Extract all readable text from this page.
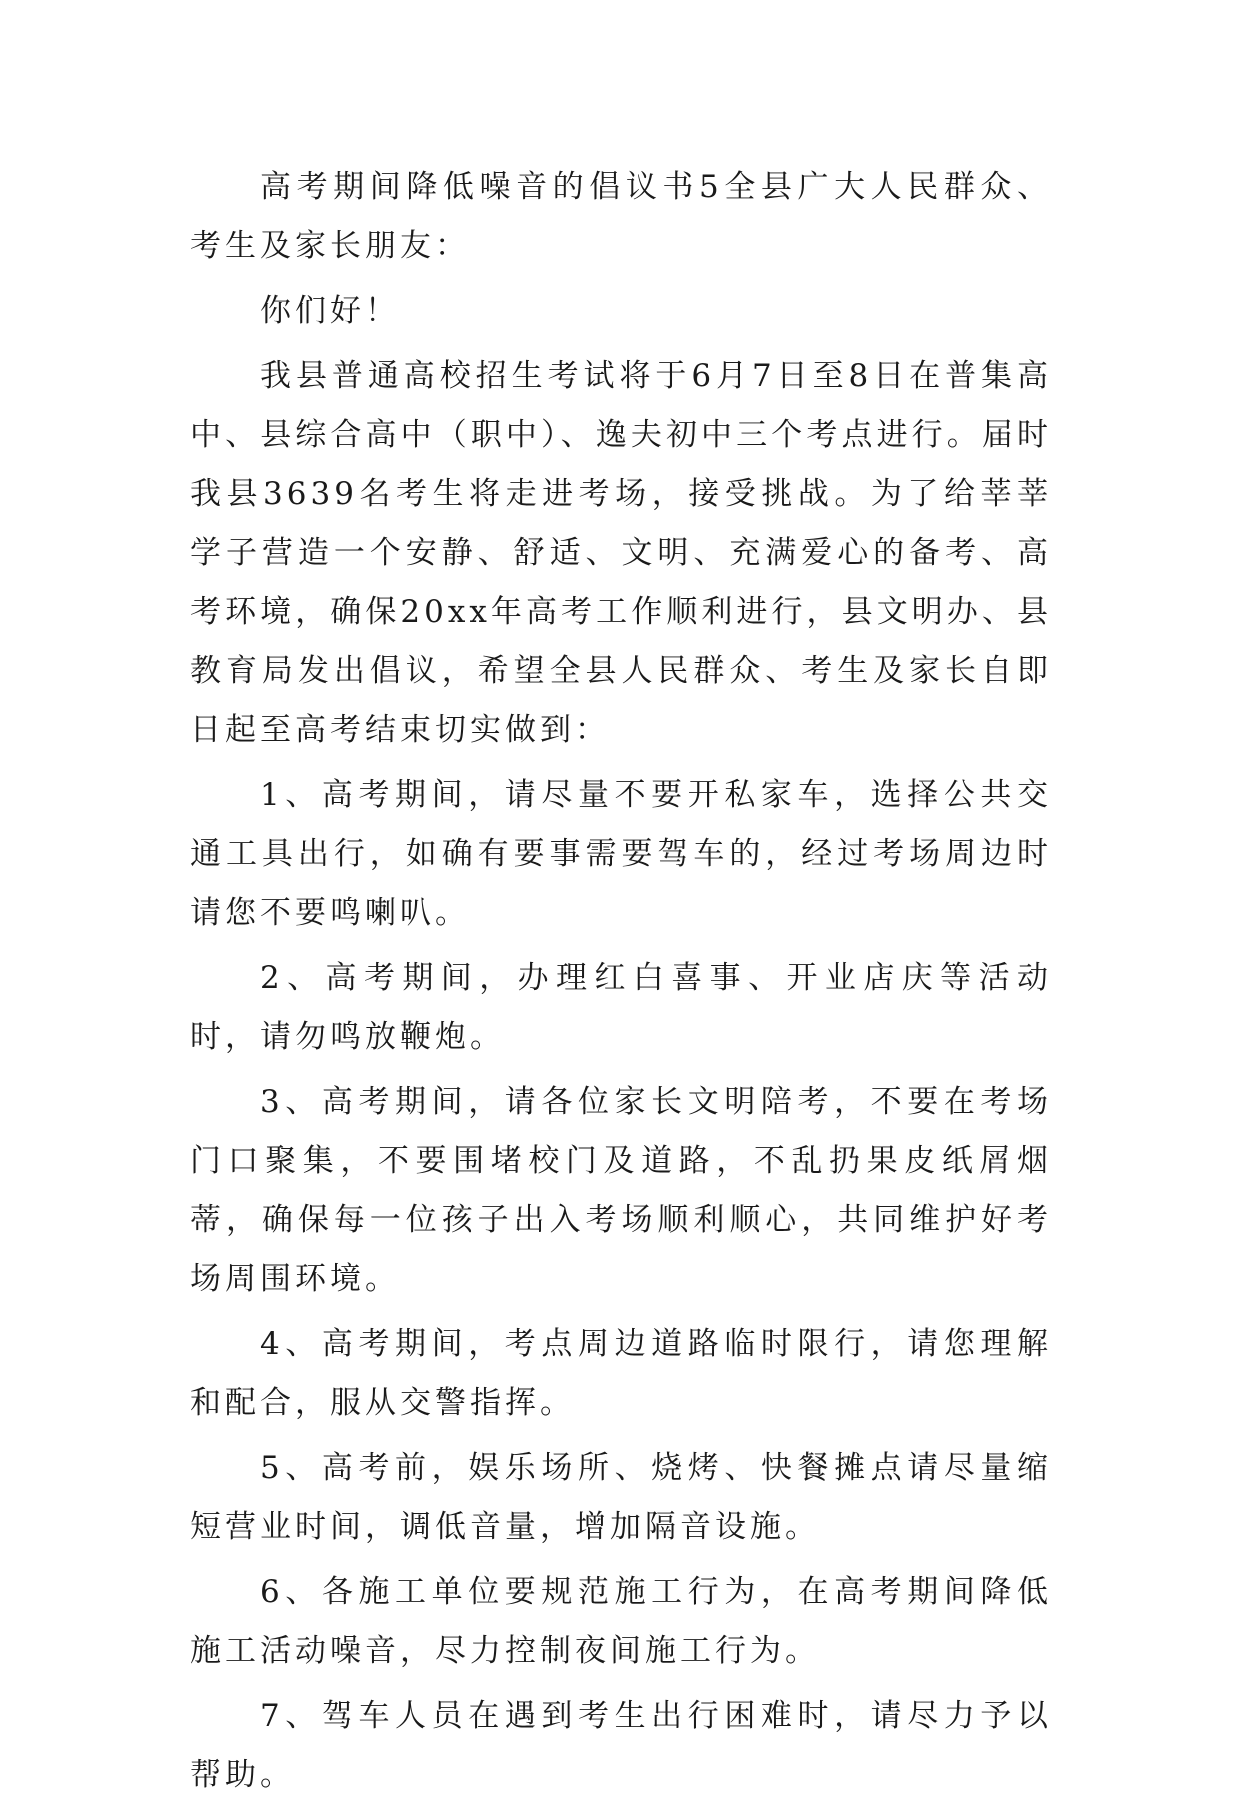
高考期间降低噪音的倡议书5全县广大人民群众、考生及家长朋友：

你们好！

我县普通高校招生考试将于6月7日至8日在普集高中、县综合高中（职中）、逸夫初中三个考点进行。届时我县3639名考生将走进考场，接受挑战。为了给莘莘学子营造一个安静、舒适、文明、充满爱心的备考、高考环境，确保20xx年高考工作顺利进行，县文明办、县教育局发出倡议，希望全县人民群众、考生及家长自即日起至高考结束切实做到：

1、高考期间，请尽量不要开私家车，选择公共交通工具出行，如确有要事需要驾车的，经过考场周边时请您不要鸣喇叭。

2、高考期间，办理红白喜事、开业店庆等活动时，请勿鸣放鞭炮。

3、高考期间，请各位家长文明陪考，不要在考场门口聚集，不要围堵校门及道路，不乱扔果皮纸屑烟蒂，确保每一位孩子出入考场顺利顺心，共同维护好考场周围环境。

4、高考期间，考点周边道路临时限行，请您理解和配合，服从交警指挥。

5、高考前，娱乐场所、烧烤、快餐摊点请尽量缩短营业时间，调低音量，增加隔音设施。

6、各施工单位要规范施工行为，在高考期间降低施工活动噪音，尽力控制夜间施工行为。

7、驾车人员在遇到考生出行困难时，请尽力予以帮助。
